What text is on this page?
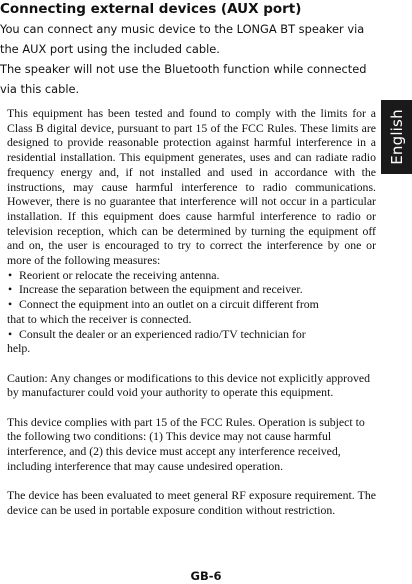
Connecting external devices (AUX port)

You can connect any music device to the LONGA BT speaker via

the AUX port using the included cable.

The speaker will not use the Bluetooth function while connected

via this cable.

English

This equipment has been tested and found to comply with the limits for a Class B digital device, pursuant to part 15 of the FCC Rules. These limits are designed to provide reasonable protection against harmful interference in a residential installation. This equipment generates, uses and can radiate radio frequency energy and, if not installed and used in accordance with the instructions, may cause harmful interference to radio communications. However, there is no guarantee that interference will not occur in a particular installation. If this equipment does cause harmful interference to radio or television reception, which can be determined by turning the equipment off and on, the user is encouraged to try to correct the interference by one or more of the following measures:

• Reorient or relocate the receiving antenna.

• Increase the separation between the equipment and receiver.

• Connect the equipment into an outlet on a circuit different from
that to which the receiver is connected.

• Consult the dealer or an experienced radio/TV technician for
help.

Caution: Any changes or modifications to this device not explicitly approved by manufacturer could void your authority to operate this equipment.

This device complies with part 15 of the FCC Rules. Operation is subject to the following two conditions: (1) This device may not cause harmful interference, and (2) this device must accept any interference received, including interference that may cause undesired operation.

The device has been evaluated to meet general RF exposure requirement. The device can be used in portable exposure condition without restriction.

GB-6
